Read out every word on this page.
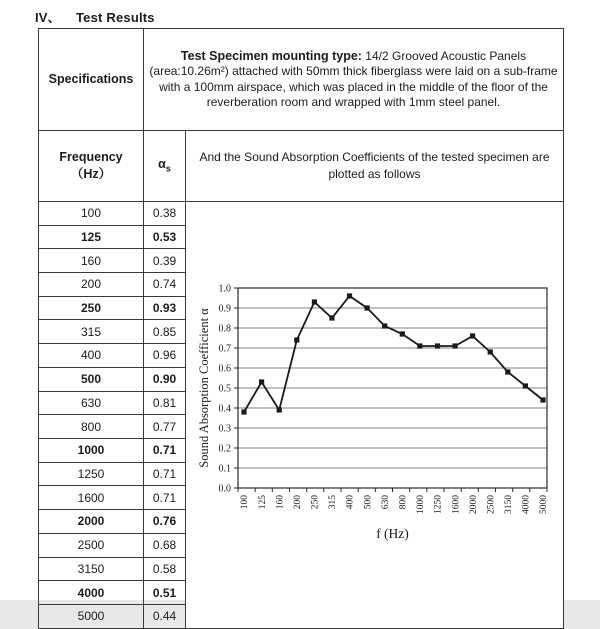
IV、 Test Results
Specifications	Test Specimen mounting type: 14/2 Grooved Acoustic Panels (area:10.26m²) attached with 50mm thick fiberglass were laid on a sub-frame with a 100mm airspace, which was placed in the middle of the floor of the reverberation room and wrapped with 1mm steel panel.	
Frequency
（Hz）	$\alpha_s$	And the Sound Absorption Coefficients of the tested specimen are plotted as follows
100	0.38	
0.0
0.1
0.2
0.3
0.4
0.5
0.6
0.7
0.8
0.9
1.0
100 125 160 200 250 315 400 500 630 800 1000 1250 1600 2000 2500 3150 4000 5000
Sound Absorption Coefficient α
f (Hz)

125	0.53	
160	0.39	
200	0.74	
250	0.93	
315	0.85	
400	0.96	
500	0.90	
630	0.81	
800	0.77	
1000	0.71	
1250	0.71	
1600	0.71	
2000	0.76	
2500	0.68	
3150	0.58	
4000	0.51	
5000	0.44	
